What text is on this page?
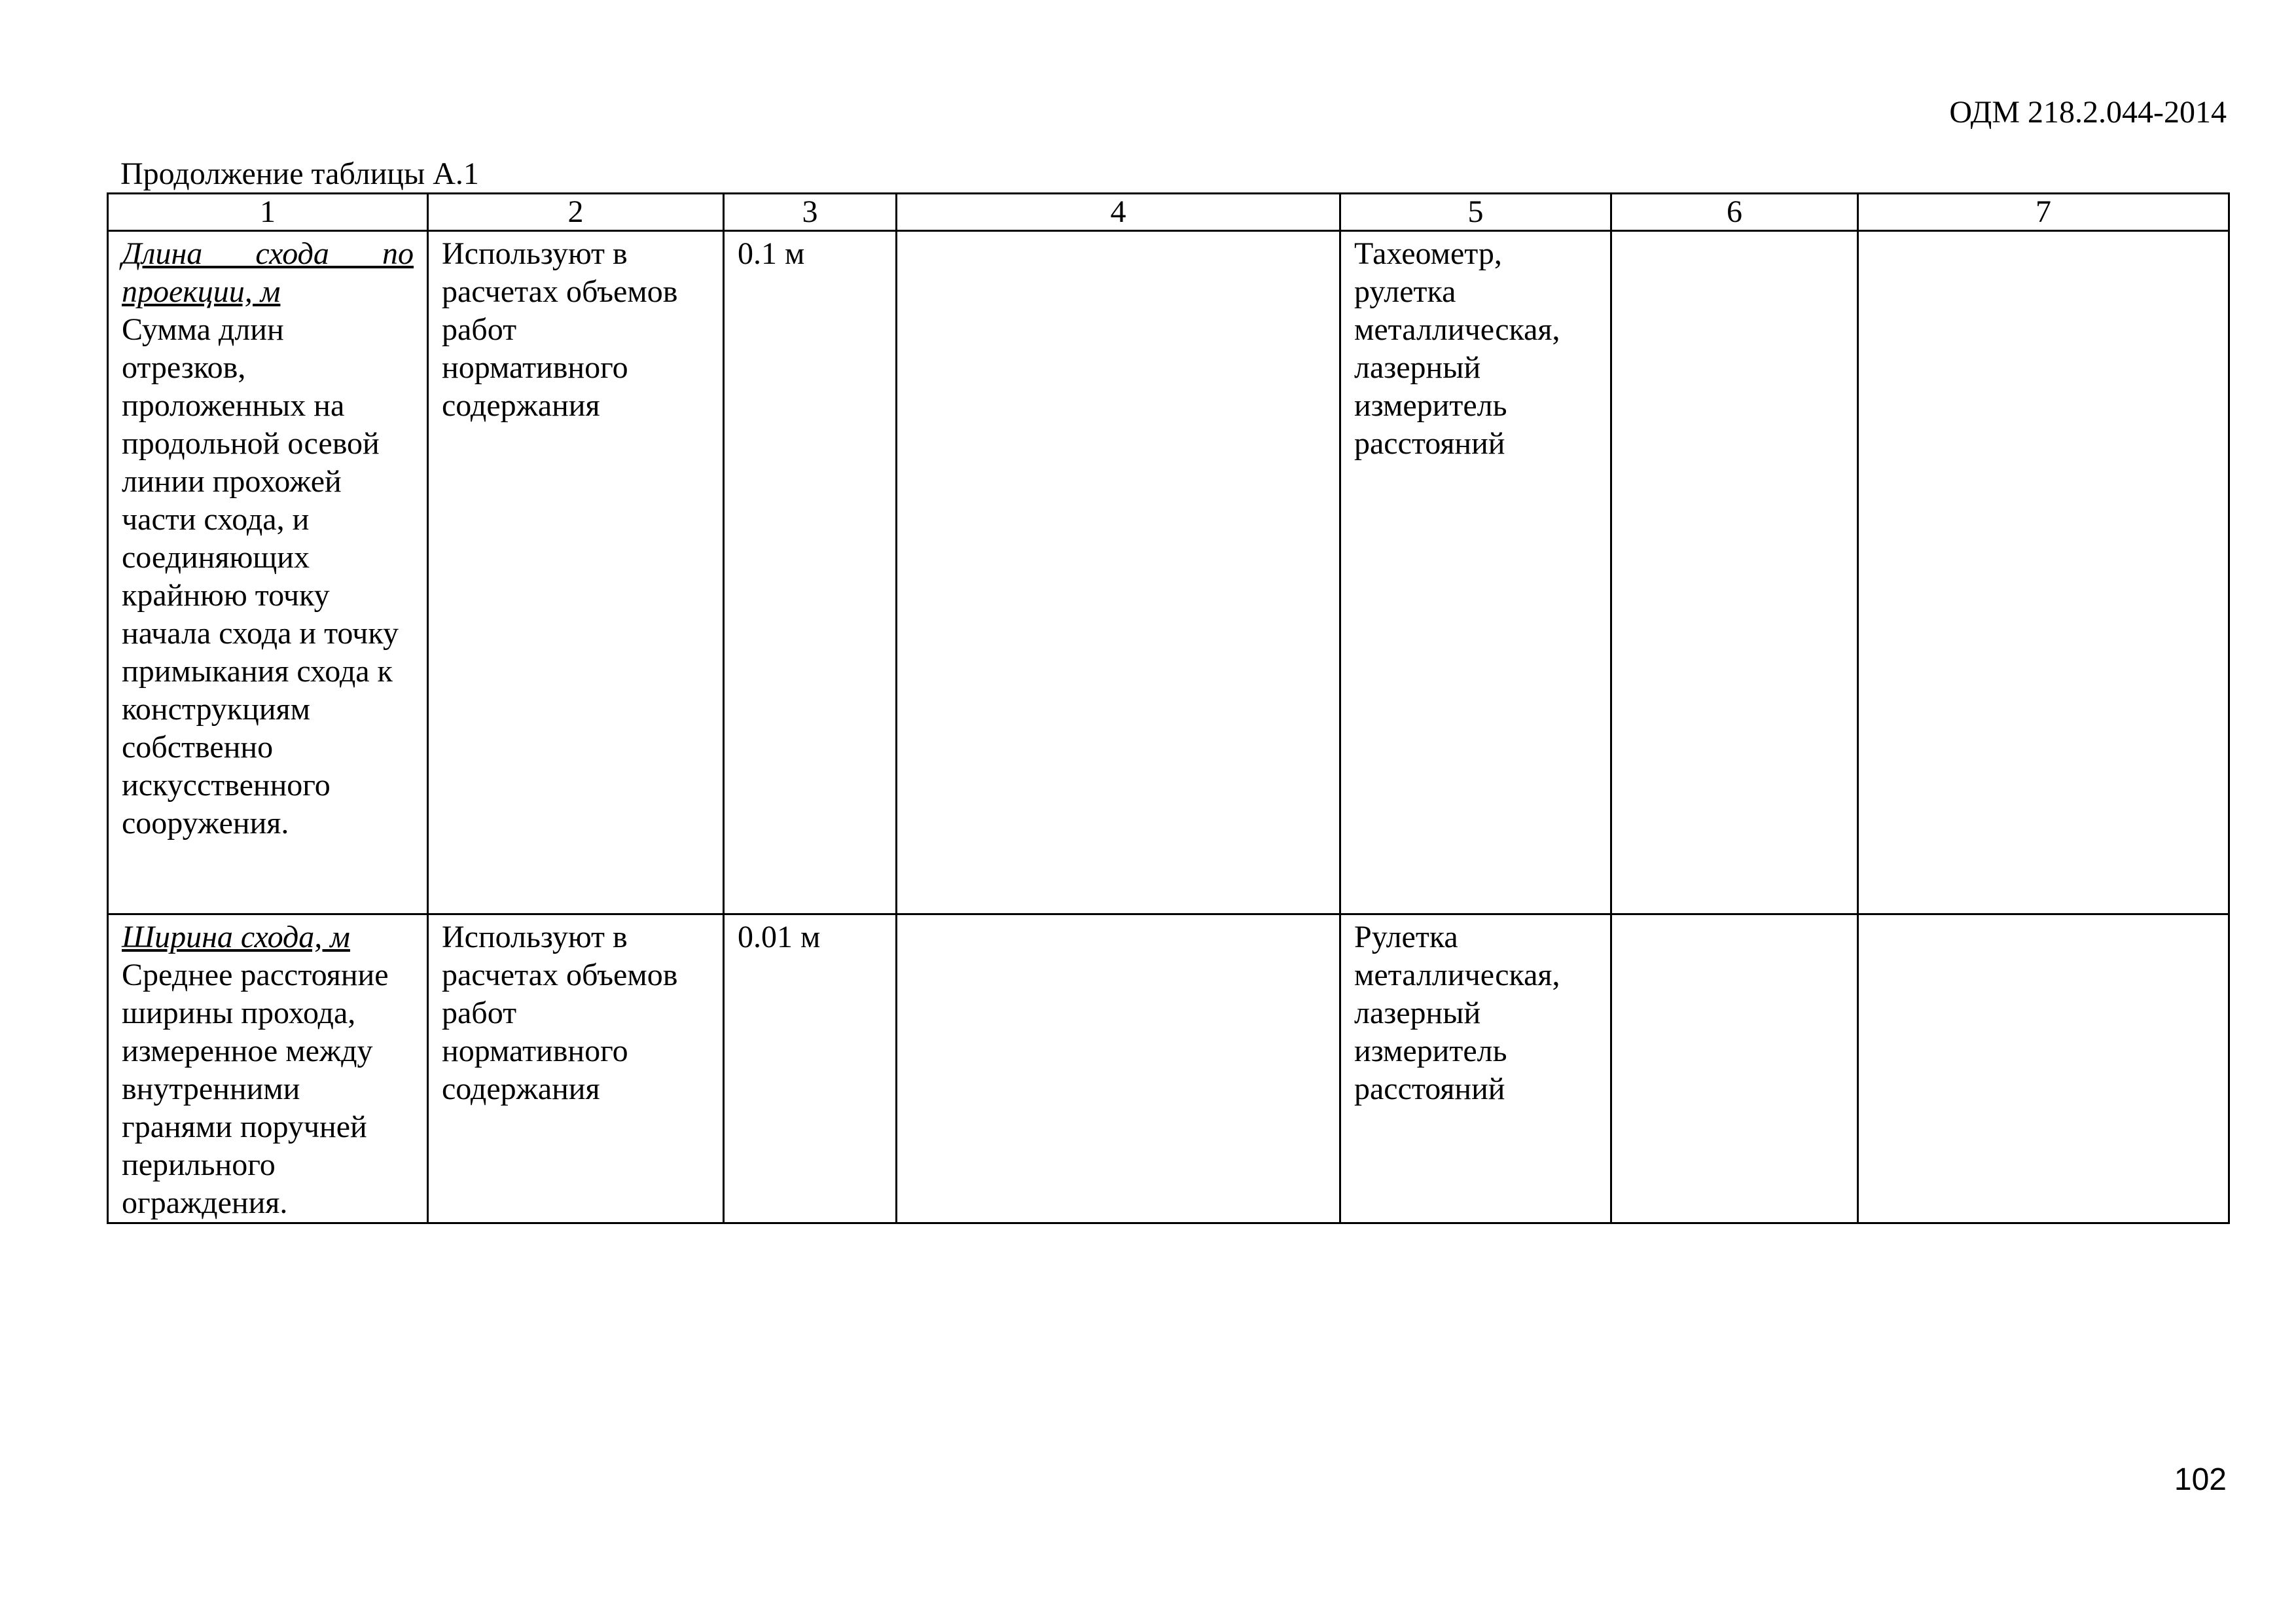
ОДМ 218.2.044-2014
Продолжение таблицы А.1
1	2	3	4	5	6	7

Длина схода по
проекции, м
Сумма длин отрезков, проложенных на продольной осевой линии прохожей части схода, и соединяющих крайнюю точку начала схода и точку примыкания схода к конструкциям собственно искусственного сооружения.	Используют в расчетах объемов работ нормативного содержания	0.1 м		Тахеометр, рулетка металлическая, лазерный измеритель расстояний		
Ширина схода, м
Среднее расстояние ширины прохода, измеренное между внутренними гранями поручней перильного ограждения.	Используют в расчетах объемов работ нормативного содержания	0.01 м		Рулетка металлическая, лазерный измеритель расстояний		
102
